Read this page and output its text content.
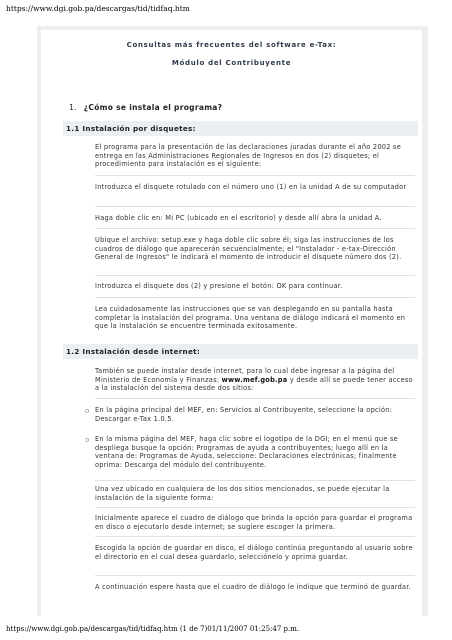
https://www.dgi.gob.pa/descargas/tid/tidfaq.htm
Consultas más frecuentes del software e-Tax:
Módulo del Contribuyente
1. ¿Cómo se instala el programa?
1.1 Instalación por disquetes:
El programa para la presentación de las declaraciones juradas durante el año 2002 se entrega en las Administraciones Regionales de Ingresos en dos (2) disquetes; el procedimiento para instalación es el siguiente:
Introduzca el disquete rotulado con el número uno (1) en la unidad A de su computador
Haga doble clic en: Mi PC (ubicado en el escritorio) y desde allí abra la unidad A.
Ubique el archivo: setup.exe y haga doble clic sobre él; siga las instrucciones de los cuadros de diálogo que aparecerán secuencialmente; el "Instalador - e-tax-Dirección General de Ingresos" le indicará el momento de introducir el disquete número dos (2).
Introduzca el disquete dos (2) y presione el botón: OK para continuar.
Lea cuidadosamente las instrucciones que se van desplegando en su pantalla hasta completar la instalación del programa. Una ventana de diálogo indicará el momento en que la instalación se encuentre terminada exitosamente.
1.2 Instalación desde internet:
También se puede instalar desde internet, para lo cual debe ingresar a la página del Ministerio de Economía y Finanzas: www.mef.gob.pa y desde allí se puede tener acceso a la instalación del sistema desde dos sitios:
o En la página principal del MEF, en: Servicios al Contribuyente, seleccione la opción: Descargar e-Tax 1.0.5.
o En la misma página del MEF, haga clic sobre el logotipo de la DGI; en el menú que se despliega busque la opción: Programas de ayuda a contribuyentes; luego allí en la ventana de: Programas de Ayuda, seleccione: Declaraciones electrónicas; finalmente oprima: Descarga del módulo del contribuyente.
Una vez ubicado en cualquiera de los dos sitios mencionados, se puede ejecutar la instalación de la siguiente forma:
Inicialmente aparece el cuadro de diálogo que brinda la opción para guardar el programa en disco o ejecutarlo desde internet; se sugiere escoger la primera.
Escogida la opción de guardar en disco, el diálogo continúa preguntando al usuario sobre el directorio en el cual desea guardarlo, selecciónelo y oprima guardar.
A continuación espere hasta que el cuadro de diálogo le indique que terminó de guardar.
https://www.dgi.gob.pa/descargas/tid/tidfaq.htm (1 de 7)01/11/2007 01:25:47 p.m.
